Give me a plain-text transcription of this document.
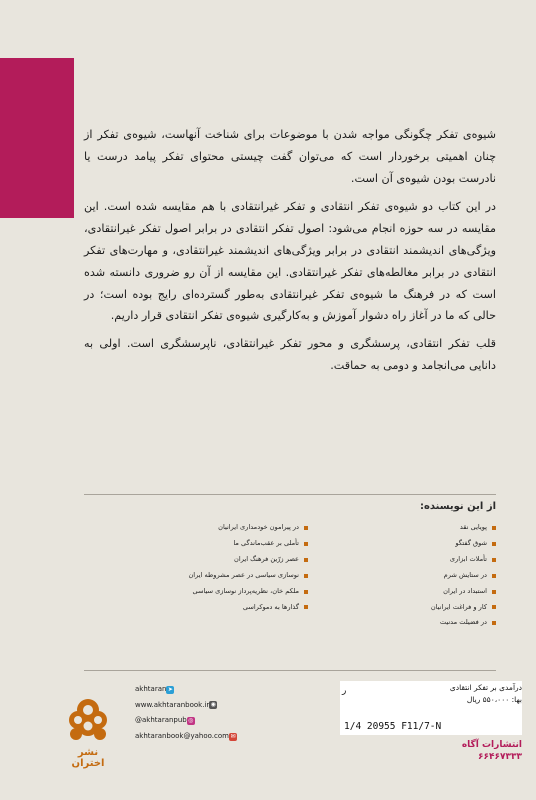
شیوه‌ی تفکر چگونگی مواجه شدن با موضوعات برای شناخت آنهاست، شیوه‌ی تفکر از چنان اهمیتی برخوردار است که می‌توان گفت چیستی محتوای تفکر پیامد درست یا نادرست بودن شیوه‌ی آن است.

در این کتاب دو شیوه‌ی تفکر انتقادی و تفکر غیرانتقادی با هم مقایسه شده است. این مقایسه در سه حوزه انجام می‌شود: اصول تفکر انتقادی در برابر اصول تفکر غیرانتقادی، ویژگی‌های اندیشمند انتقادی در برابر ویژگی‌های اندیشمند غیرانتقادی، و مهارت‌های تفکر انتقادی در برابر مغالطه‌های تفکر غیرانتقادی. این مقایسه از آن رو ضروری دانسته شده است که در فرهنگ ما شیوه‌ی تفکر غیرانتقادی به‌طور گسترده‌ای رایج بوده است؛ در حالی که ما در آغاز راه دشوار آموزش و به‌کارگیری شیوه‌ی تفکر انتقادی قرار داریم.

قلب تفکر انتقادی، پرسشگری و محور تفکر غیرانتقادی، ناپرسشگری است. اولی به دانایی می‌انجامد و دومی به حماقت.

از این نویسنده:
پویایی نقد
شوق گفتگو
تأملات ابزاری
در ستایش شرم
استبداد در ایران
کار و فراغت ایرانیان
در فضیلت مدنیت
در پیرامون خودمداری ایرانیان
تأملی بر عقب‌ماندگی ما
عصر زرّین فرهنگ ایران
نوسازی سیاسی در عصر مشروطه ایران
ملکم خان، نظریه‌پرداز نوسازی سیاسی
گذارها به دموکراسی
نشر اختران
akhtaran ➤
www.akhtaranbook.ir ◉
@akhtaranpub ◎
akhtaranbook@yahoo.com ✉
درآمدی بر تفکر انتقادی
بها: ۵۵۰،۰۰۰ ریال
1/4 20955 F11/7-N
ر
انتشارات آگاه
۶۶۴۶۷۳۳۳
